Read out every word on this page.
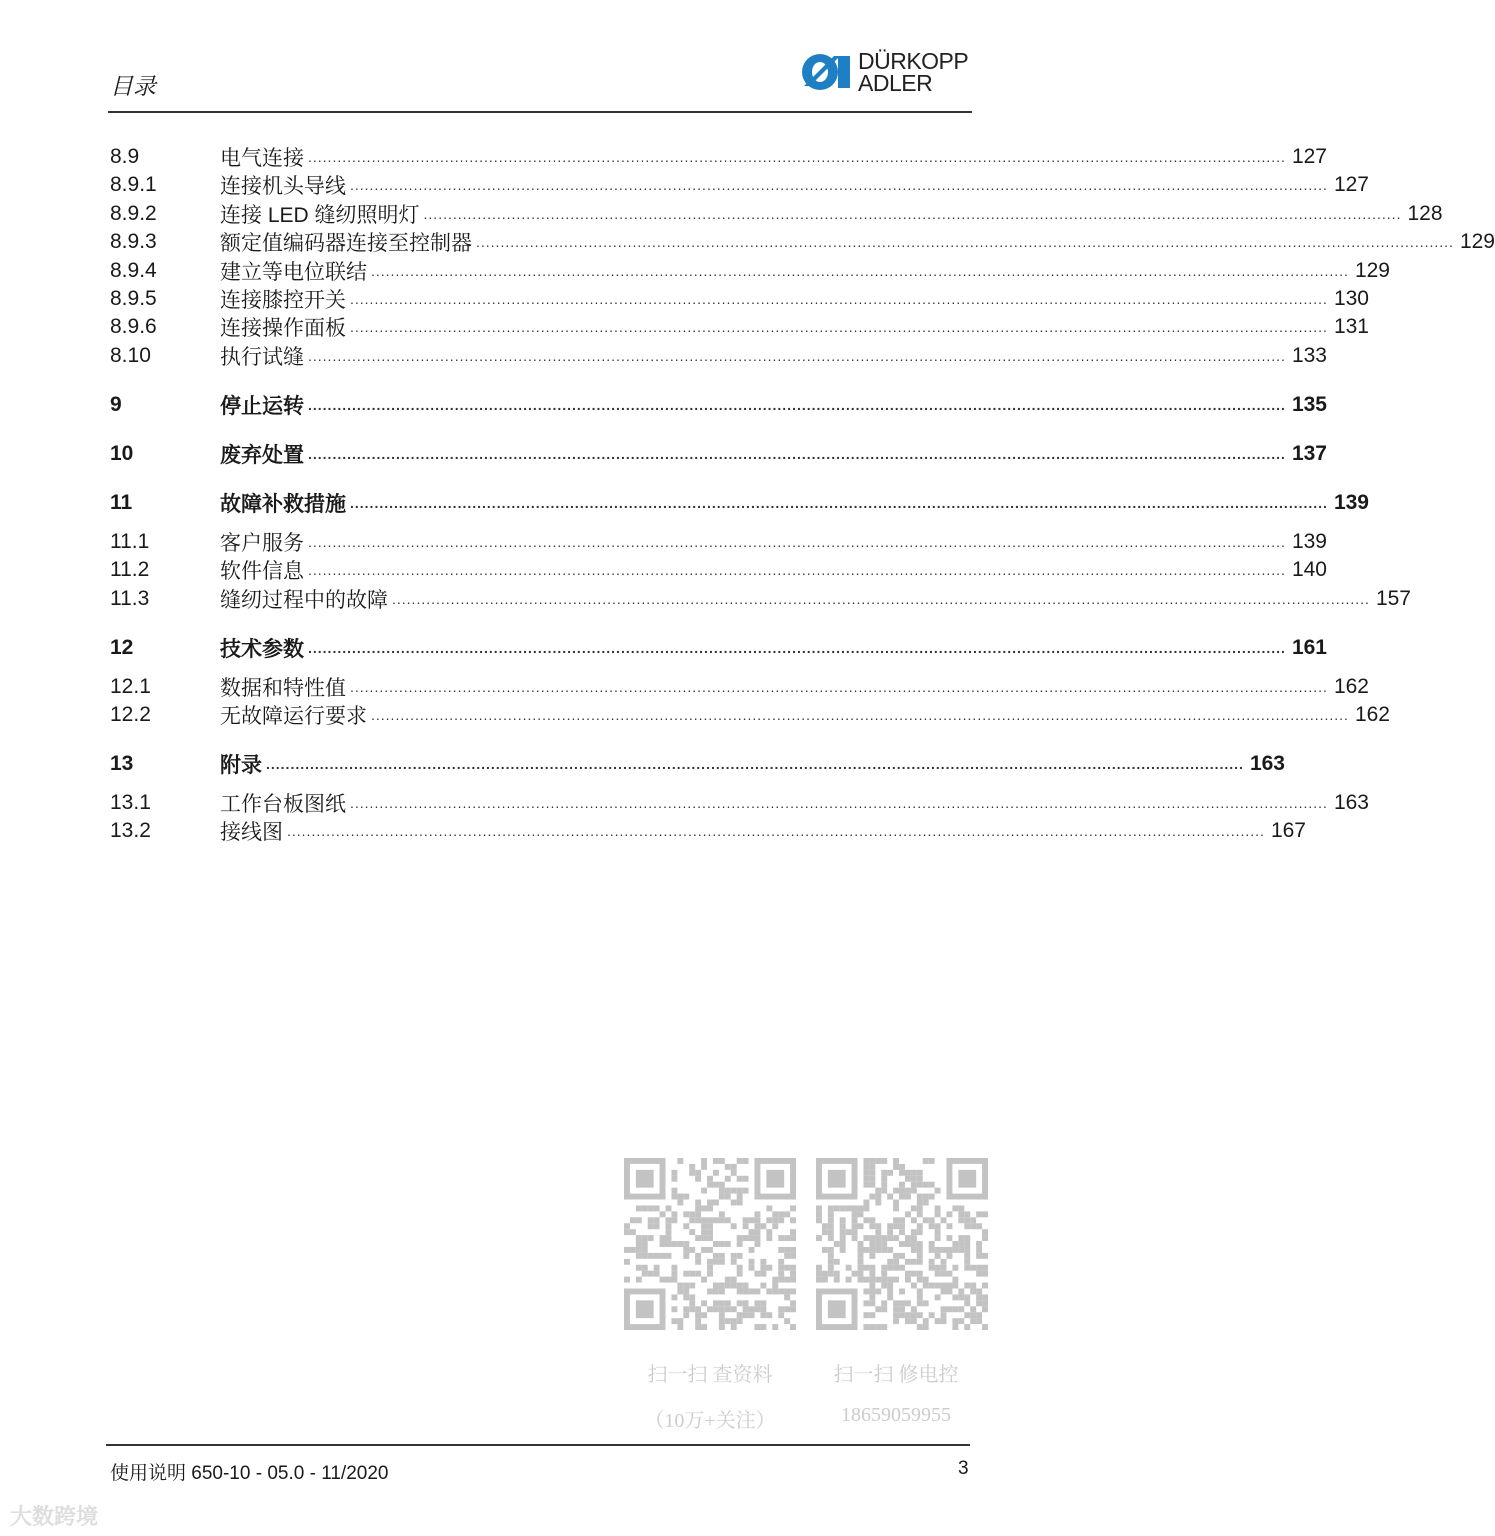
目录
DÜRKOPP
ADLER
8.9	电气连接 ........................................................................................................................................................................................................ 127
8.9.1	连接机头导线 ........................................................................................................................................................................................................ 127
8.9.2	连接 LED 缝纫照明灯 ........................................................................................................................................................................................................ 128
8.9.3	额定值编码器连接至控制器 ........................................................................................................................................................................................................ 129
8.9.4	建立等电位联结 ........................................................................................................................................................................................................ 129
8.9.5	连接膝控开关 ........................................................................................................................................................................................................ 130
8.9.6	连接操作面板 ........................................................................................................................................................................................................ 131
8.10	执行试缝 ........................................................................................................................................................................................................ 133
9	停止运转 ........................................................................................................................................................................................................ 135
10	废弃处置 ........................................................................................................................................................................................................ 137
11	故障补救措施 ........................................................................................................................................................................................................ 139
11.1	客户服务 ........................................................................................................................................................................................................ 139
11.2	软件信息 ........................................................................................................................................................................................................ 140
11.3	缝纫过程中的故障 ........................................................................................................................................................................................................ 157
12	技术参数 ........................................................................................................................................................................................................ 161
12.1	数据和特性值 ........................................................................................................................................................................................................ 162
12.2	无故障运行要求 ........................................................................................................................................................................................................ 162
13	附录 ........................................................................................................................................................................................................ 163
13.1	工作台板图纸 ........................................................................................................................................................................................................ 163
13.2	接线图 ........................................................................................................................................................................................................ 167
扫一扫 查资料
（10万+关注）
扫一扫 修电控
18659059955
使用说明 650-10 - 05.0 - 11/2020	3
大数跨境
